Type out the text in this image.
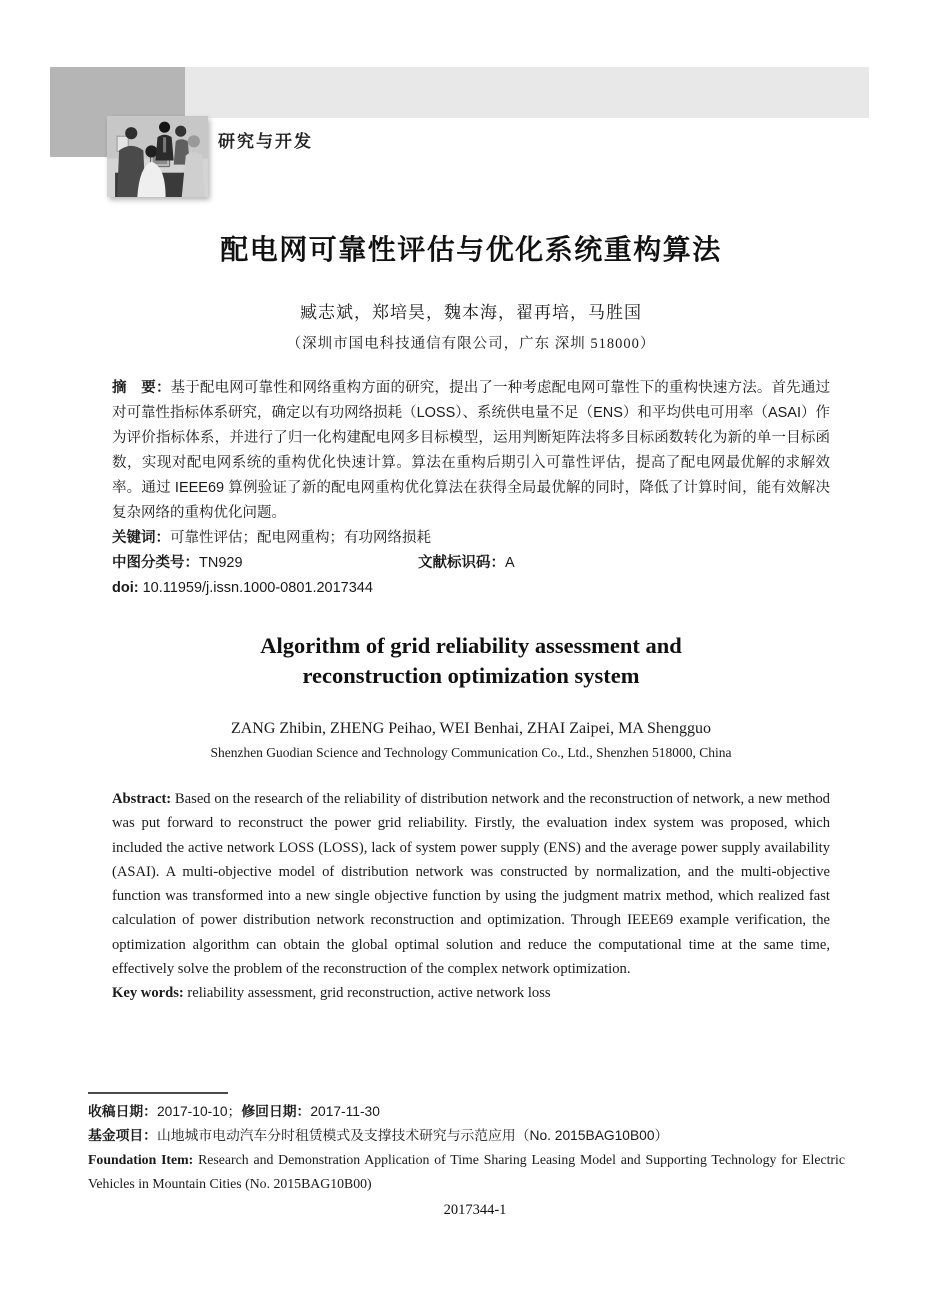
研究与开发
配电网可靠性评估与优化系统重构算法
臧志斌，郑培昊，魏本海，翟再培，马胜国
（深圳市国电科技通信有限公司，广东 深圳 518000）

摘　要：基于配电网可靠性和网络重构方面的研究，提出了一种考虑配电网可靠性下的重构快速方法。首先通过对可靠性指标体系研究，确定以有功网络损耗（LOSS）、系统供电量不足（ENS）和平均供电可用率（ASAI）作为评价指标体系，并进行了归一化构建配电网多目标模型，运用判断矩阵法将多目标函数转化为新的单一目标函数，实现对配电网系统的重构优化快速计算。算法在重构后期引入可靠性评估，提高了配电网最优解的求解效率。通过 IEEE69 算例验证了新的配电网重构优化算法在获得全局最优解的同时，降低了计算时间，能有效解决复杂网络的重构优化问题。

关键词：可靠性评估；配电网重构；有功网络损耗

中图分类号：TN929	文献标识码：A

doi: 10.11959/j.issn.1000-0801.2017344

Algorithm of grid reliability assessment and reconstruction optimization system
ZANG Zhibin, ZHENG Peihao, WEI Benhai, ZHAI Zaipei, MA Shengguo
Shenzhen Guodian Science and Technology Communication Co., Ltd., Shenzhen 518000, China

Abstract: Based on the research of the reliability of distribution network and the reconstruction of network, a new method was put forward to reconstruct the power grid reliability. Firstly, the evaluation index system was proposed, which included the active network LOSS (LOSS), lack of system power supply (ENS) and the average power supply availability (ASAI). A multi-objective model of distribution network was constructed by normalization, and the multi-objective function was transformed into a new single objective function by using the judgment matrix method, which realized fast calculation of power distribution network reconstruction and optimization. Through IEEE69 example verification, the optimization algorithm can obtain the global optimal solution and reduce the computational time at the same time, effectively solve the problem of the reconstruction of the complex network optimization.

Key words: reliability assessment, grid reconstruction, active network loss

收稿日期：2017-10-10；修回日期：2017-11-30

基金项目：山地城市电动汽车分时租赁模式及支撑技术研究与示范应用（No. 2015BAG10B00）

Foundation Item: Research and Demonstration Application of Time Sharing Leasing Model and Supporting Technology for Electric Vehicles in Mountain Cities (No. 2015BAG10B00)

2017344-1
